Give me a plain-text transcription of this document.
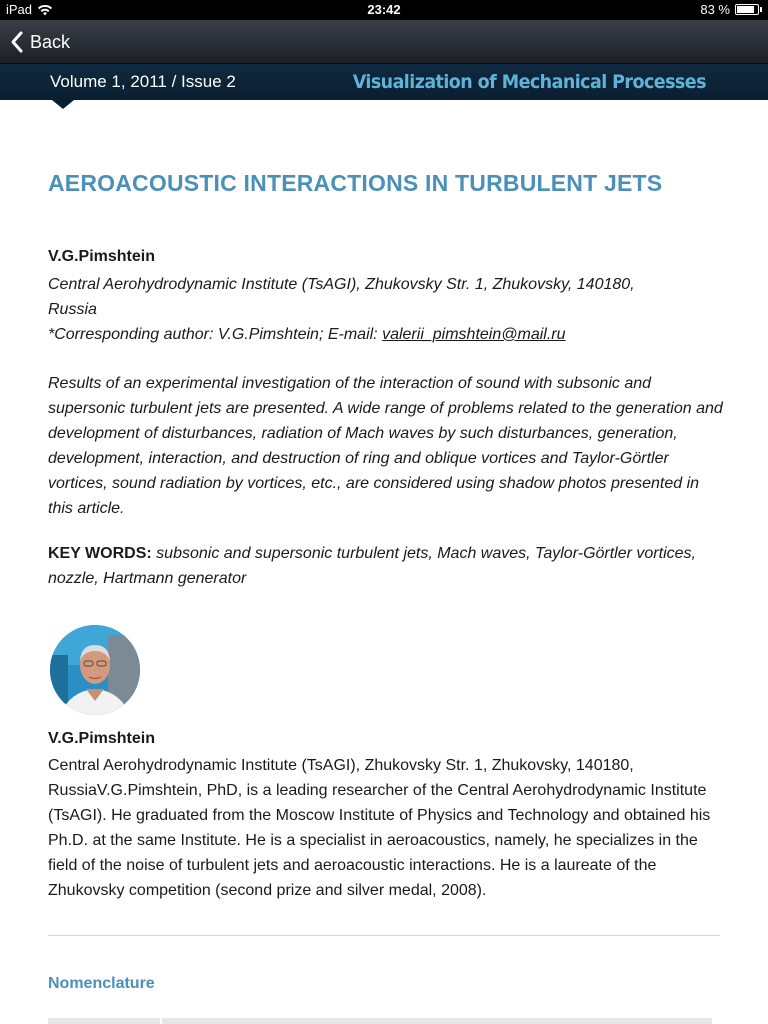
iPad	23:42	83 %
Back
Volume 1, 2011 / Issue 2	Visualization of Mechanical Processes
AEROACOUSTIC INTERACTIONS IN TURBULENT JETS
V.G.Pimshtein
Central Aerohydrodynamic Institute (TsAGI), Zhukovsky Str. 1, Zhukovsky, 140180,
Russia
*Corresponding author: V.G.Pimshtein; E-mail: valerii_pimshtein@mail.ru

Results of an experimental investigation of the interaction of sound with subsonic and supersonic turbulent jets are presented. A wide range of problems related to the generation and development of disturbances, radiation of Mach waves by such disturbances, generation, development, interaction, and destruction of ring and oblique vortices and Taylor-Görtler vortices, sound radiation by vortices, etc., are considered using shadow photos presented in this article.

KEY WORDS: subsonic and supersonic turbulent jets, Mach waves, Taylor-Görtler vortices, nozzle, Hartmann generator

V.G.Pimshtein

Central Aerohydrodynamic Institute (TsAGI), Zhukovsky Str. 1, Zhukovsky, 140180, RussiaV.G.Pimshtein, PhD, is a leading researcher of the Central Aerohydrodynamic Institute (TsAGI). He graduated from the Moscow Institute of Physics and Technology and obtained his Ph.D. at the same Institute. He is a specialist in aeroacoustics, namely, he specializes in the field of the noise of turbulent jets and aeroacoustic interactions. He is a laureate of the Zhukovsky competition (second prize and silver medal, 2008).

Nomenclature
